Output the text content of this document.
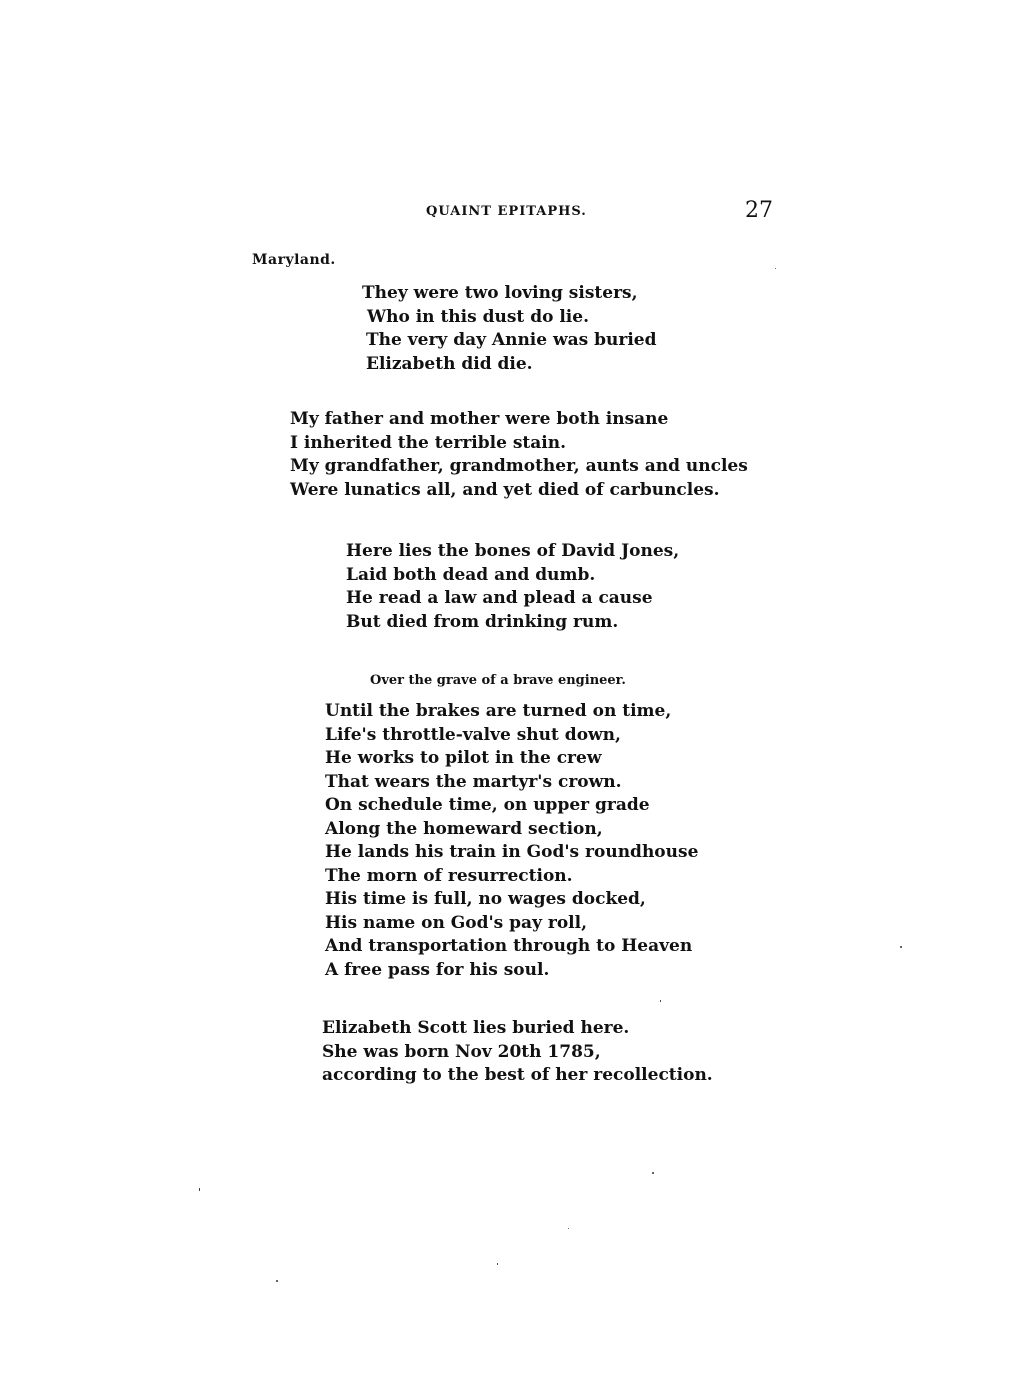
QUAINT EPITAPHS.	27
Maryland.
They were two loving sisters,
Who in this dust do lie.
The very day Annie was buried
Elizabeth did die.
My father and mother were both insane
I inherited the terrible stain.
My grandfather, grandmother, aunts and uncles
Were lunatics all, and yet died of carbuncles.
Here lies the bones of David Jones,
Laid both dead and dumb.
He read a law and plead a cause
But died from drinking rum.
Over the grave of a brave engineer.
Until the brakes are turned on time,
Life's throttle-valve shut down,
He works to pilot in the crew
That wears the martyr's crown.
On schedule time, on upper grade
Along the homeward section,
He lands his train in God's roundhouse
The morn of resurrection.
His time is full, no wages docked,
His name on God's pay roll,
And transportation through to Heaven
A free pass for his soul.
Elizabeth Scott lies buried here.
She was born Nov 20th 1785,
according to the best of her recollection.
